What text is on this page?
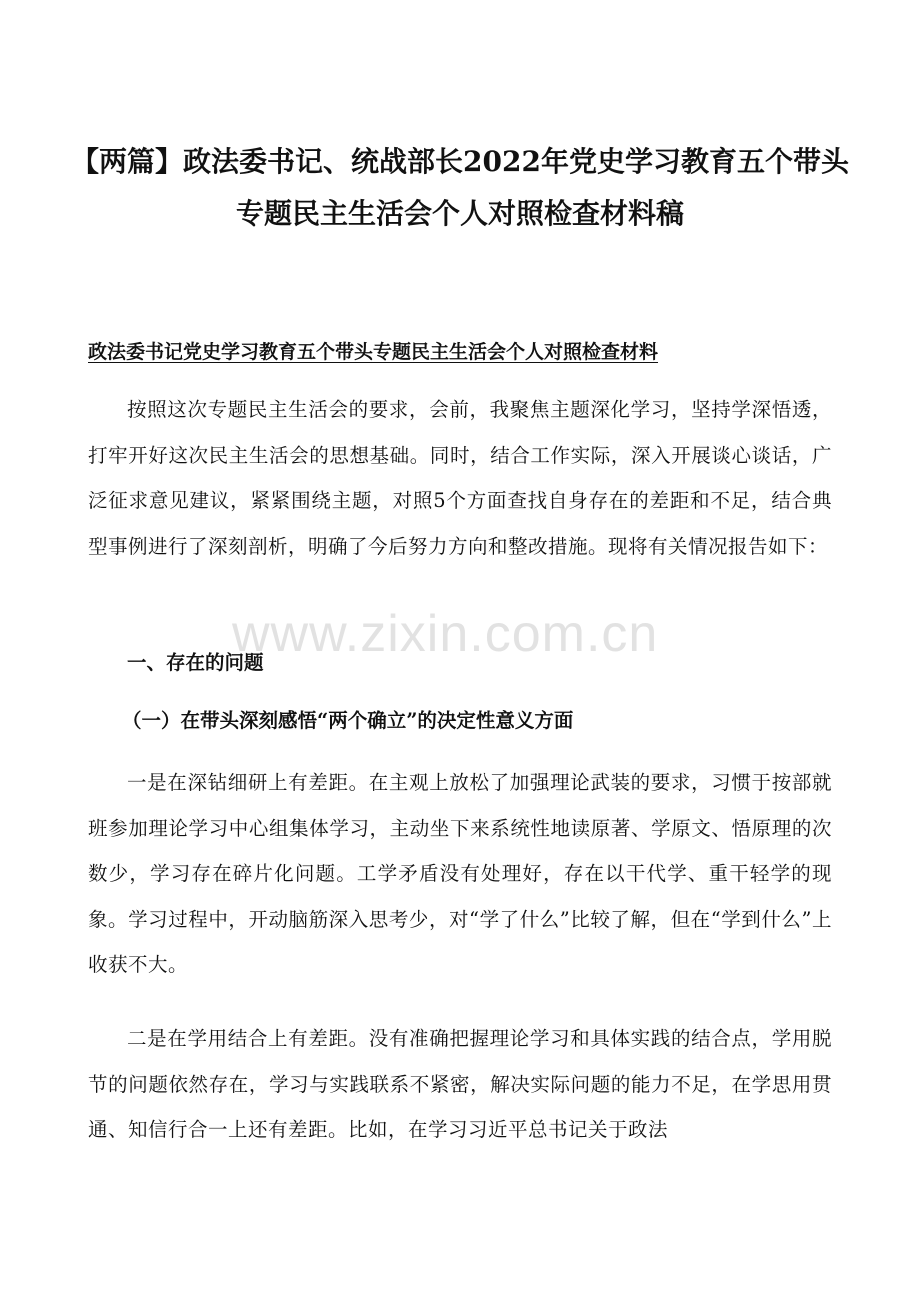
【两篇】政法委书记、统战部长2022年党史学习教育五个带头专题民主生活会个人对照检查材料稿
政法委书记党史学习教育五个带头专题民主生活会个人对照检查材料

按照这次专题民主生活会的要求，会前，我聚焦主题深化学习，坚持学深悟透，打牢开好这次民主生活会的思想基础。同时，结合工作实际，深入开展谈心谈话，广泛征求意见建议，紧紧围绕主题，对照5个方面查找自身存在的差距和不足，结合典型事例进行了深刻剖析，明确了今后努力方向和整改措施。现将有关情况报告如下：

www.zixin.com.cn
一、存在的问题
（一）在带头深刻感悟“两个确立”的决定性意义方面

一是在深钻细研上有差距。在主观上放松了加强理论武装的要求，习惯于按部就班参加理论学习中心组集体学习，主动坐下来系统性地读原著、学原文、悟原理的次数少，学习存在碎片化问题。工学矛盾没有处理好，存在以干代学、重干轻学的现象。学习过程中，开动脑筋深入思考少，对“学了什么”比较了解，但在“学到什么”上收获不大。

二是在学用结合上有差距。没有准确把握理论学习和具体实践的结合点，学用脱节的问题依然存在，学习与实践联系不紧密，解决实际问题的能力不足，在学思用贯通、知信行合一上还有差距。比如，在学习习近平总书记关于政法
